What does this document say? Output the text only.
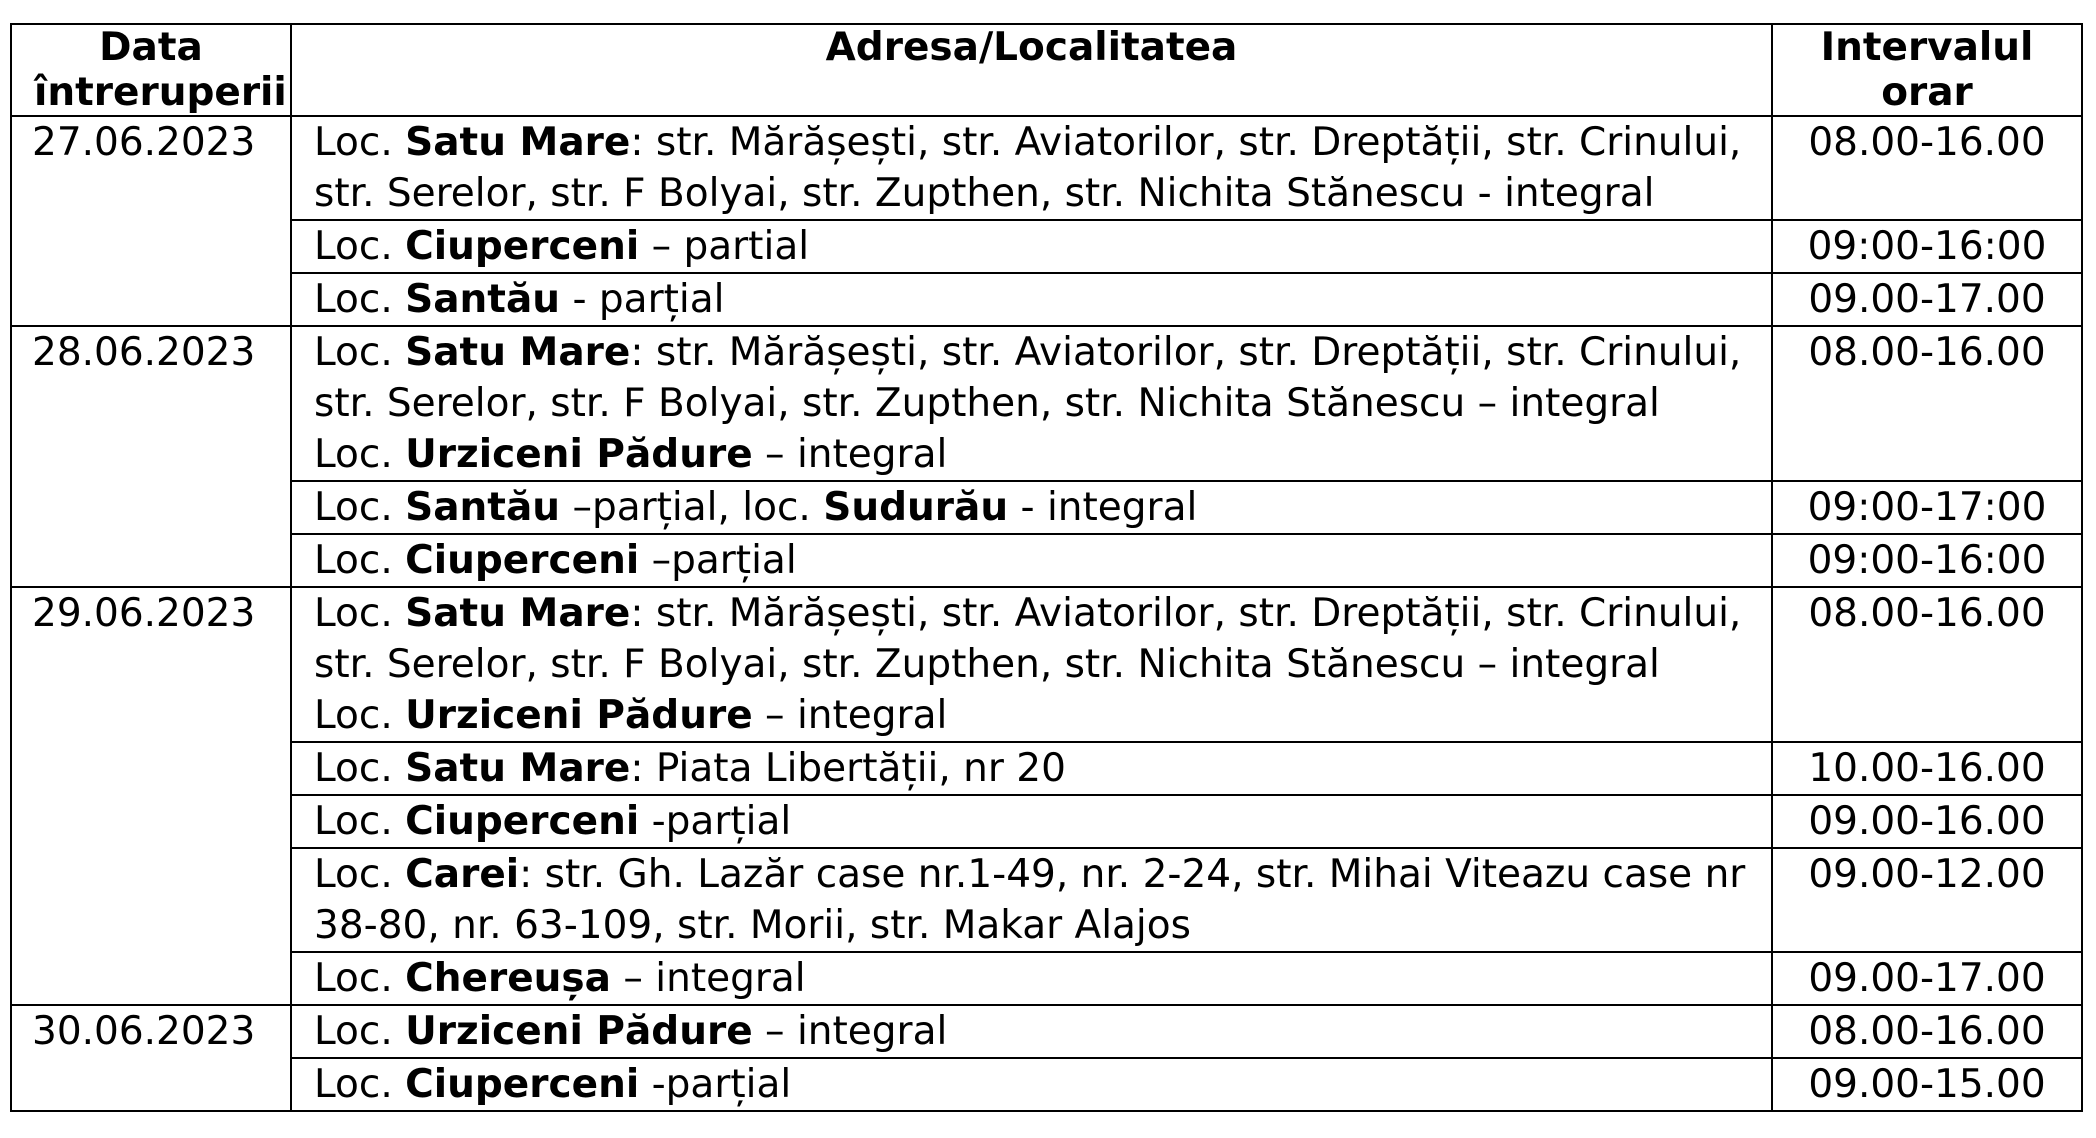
Data
întreruperii	Adresa/Localitatea	Intervalul
orar

27.06.2023	Loc. Satu Mare: str. Mărășești, str. Aviatorilor, str. Dreptății, str. Crinului,
str. Serelor, str. F Bolyai, str. Zupthen, str. Nichita Stănescu - integral	08.00-16.00

	Loc. Ciuperceni – partial	09:00-16:00

	Loc. Santău - parțial	09.00-17.00
28.06.2023	Loc. Satu Mare: str. Mărășești, str. Aviatorilor, str. Dreptății, str. Crinului,
str. Serelor, str. F Bolyai, str. Zupthen, str. Nichita Stănescu – integral
Loc. Urziceni Pădure – integral	08.00-16.00

	Loc. Santău –parțial, loc. Sudurău - integral	09:00-17:00

	Loc. Ciuperceni –parțial	09:00-16:00
29.06.2023	Loc. Satu Mare: str. Mărășești, str. Aviatorilor, str. Dreptății, str. Crinului,
str. Serelor, str. F Bolyai, str. Zupthen, str. Nichita Stănescu – integral
Loc. Urziceni Pădure – integral	08.00-16.00

	Loc. Satu Mare: Piata Libertății, nr 20	10.00-16.00

	Loc. Ciuperceni -parțial	09.00-16.00

	Loc. Carei: str. Gh. Lazăr case nr.1-49, nr. 2-24, str. Mihai Viteazu case nr
38-80, nr. 63-109, str. Morii, str. Makar Alajos	09.00-12.00

	Loc. Chereușa – integral	09.00-17.00
30.06.2023	Loc. Urziceni Pădure – integral	08.00-16.00

	Loc. Ciuperceni -parțial	09.00-15.00
